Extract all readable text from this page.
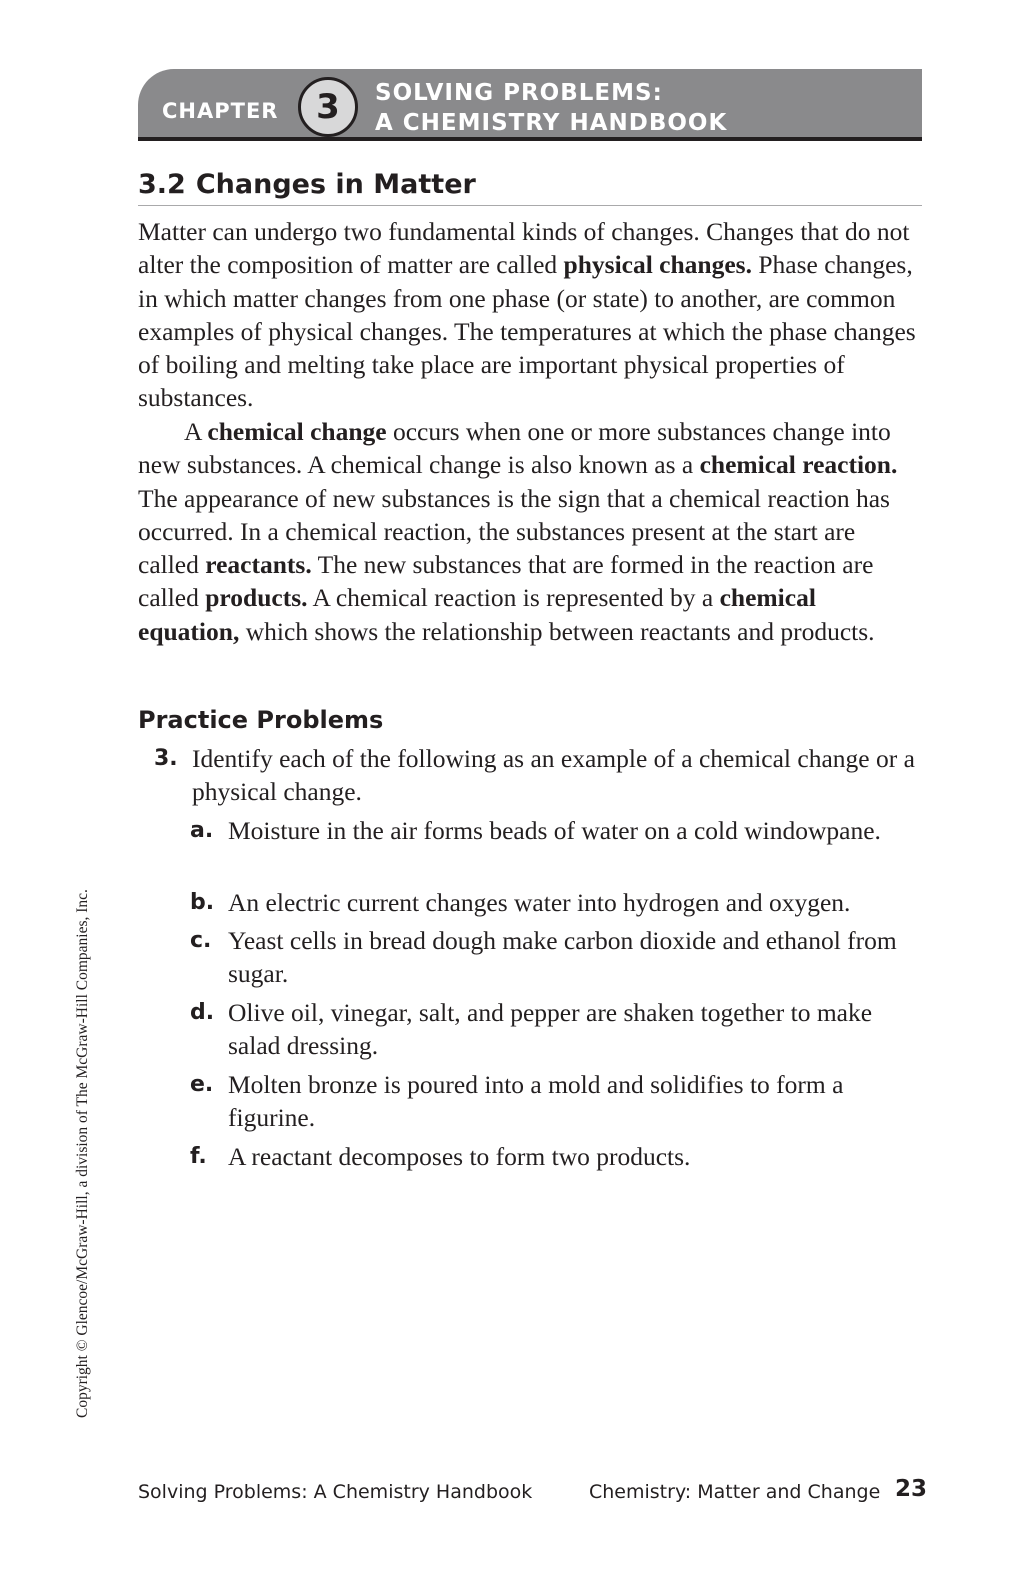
CHAPTER	3	SOLVING PROBLEMS:
A CHEMISTRY HANDBOOK
3.2 Changes in Matter

Matter can undergo two fundamental kinds of changes. Changes that do not alter the composition of matter are called physical changes. Phase changes, in which matter changes from one phase (or state) to another, are common examples of physical changes. The temperatures at which the phase changes of boiling and melting take place are important physical properties of substances.

A chemical change occurs when one or more substances change into new substances. A chemical change is also known as a chemical reaction. The appearance of new substances is the sign that a chemical reaction has occurred. In a chemical reaction, the substances present at the start are called reactants. The new substances that are formed in the reaction are called products. A chemical reaction is represented by a chemical equation, which shows the relationship between reactants and products.

Practice Problems
3. Identify each of the following as an example of a chemical change or a physical change.
a. Moisture in the air forms beads of water on a cold windowpane.
b. An electric current changes water into hydrogen and oxygen.
c. Yeast cells in bread dough make carbon dioxide and ethanol from sugar.
d. Olive oil, vinegar, salt, and pepper are shaken together to make salad dressing.
e. Molten bronze is poured into a mold and solidifies to form a figurine.
f. A reactant decomposes to form two products.
Copyright © Glencoe/McGraw-Hill, a division of The McGraw-Hill Companies, Inc.
Solving Problems: A Chemistry Handbook	Chemistry: Matter and Change 23
